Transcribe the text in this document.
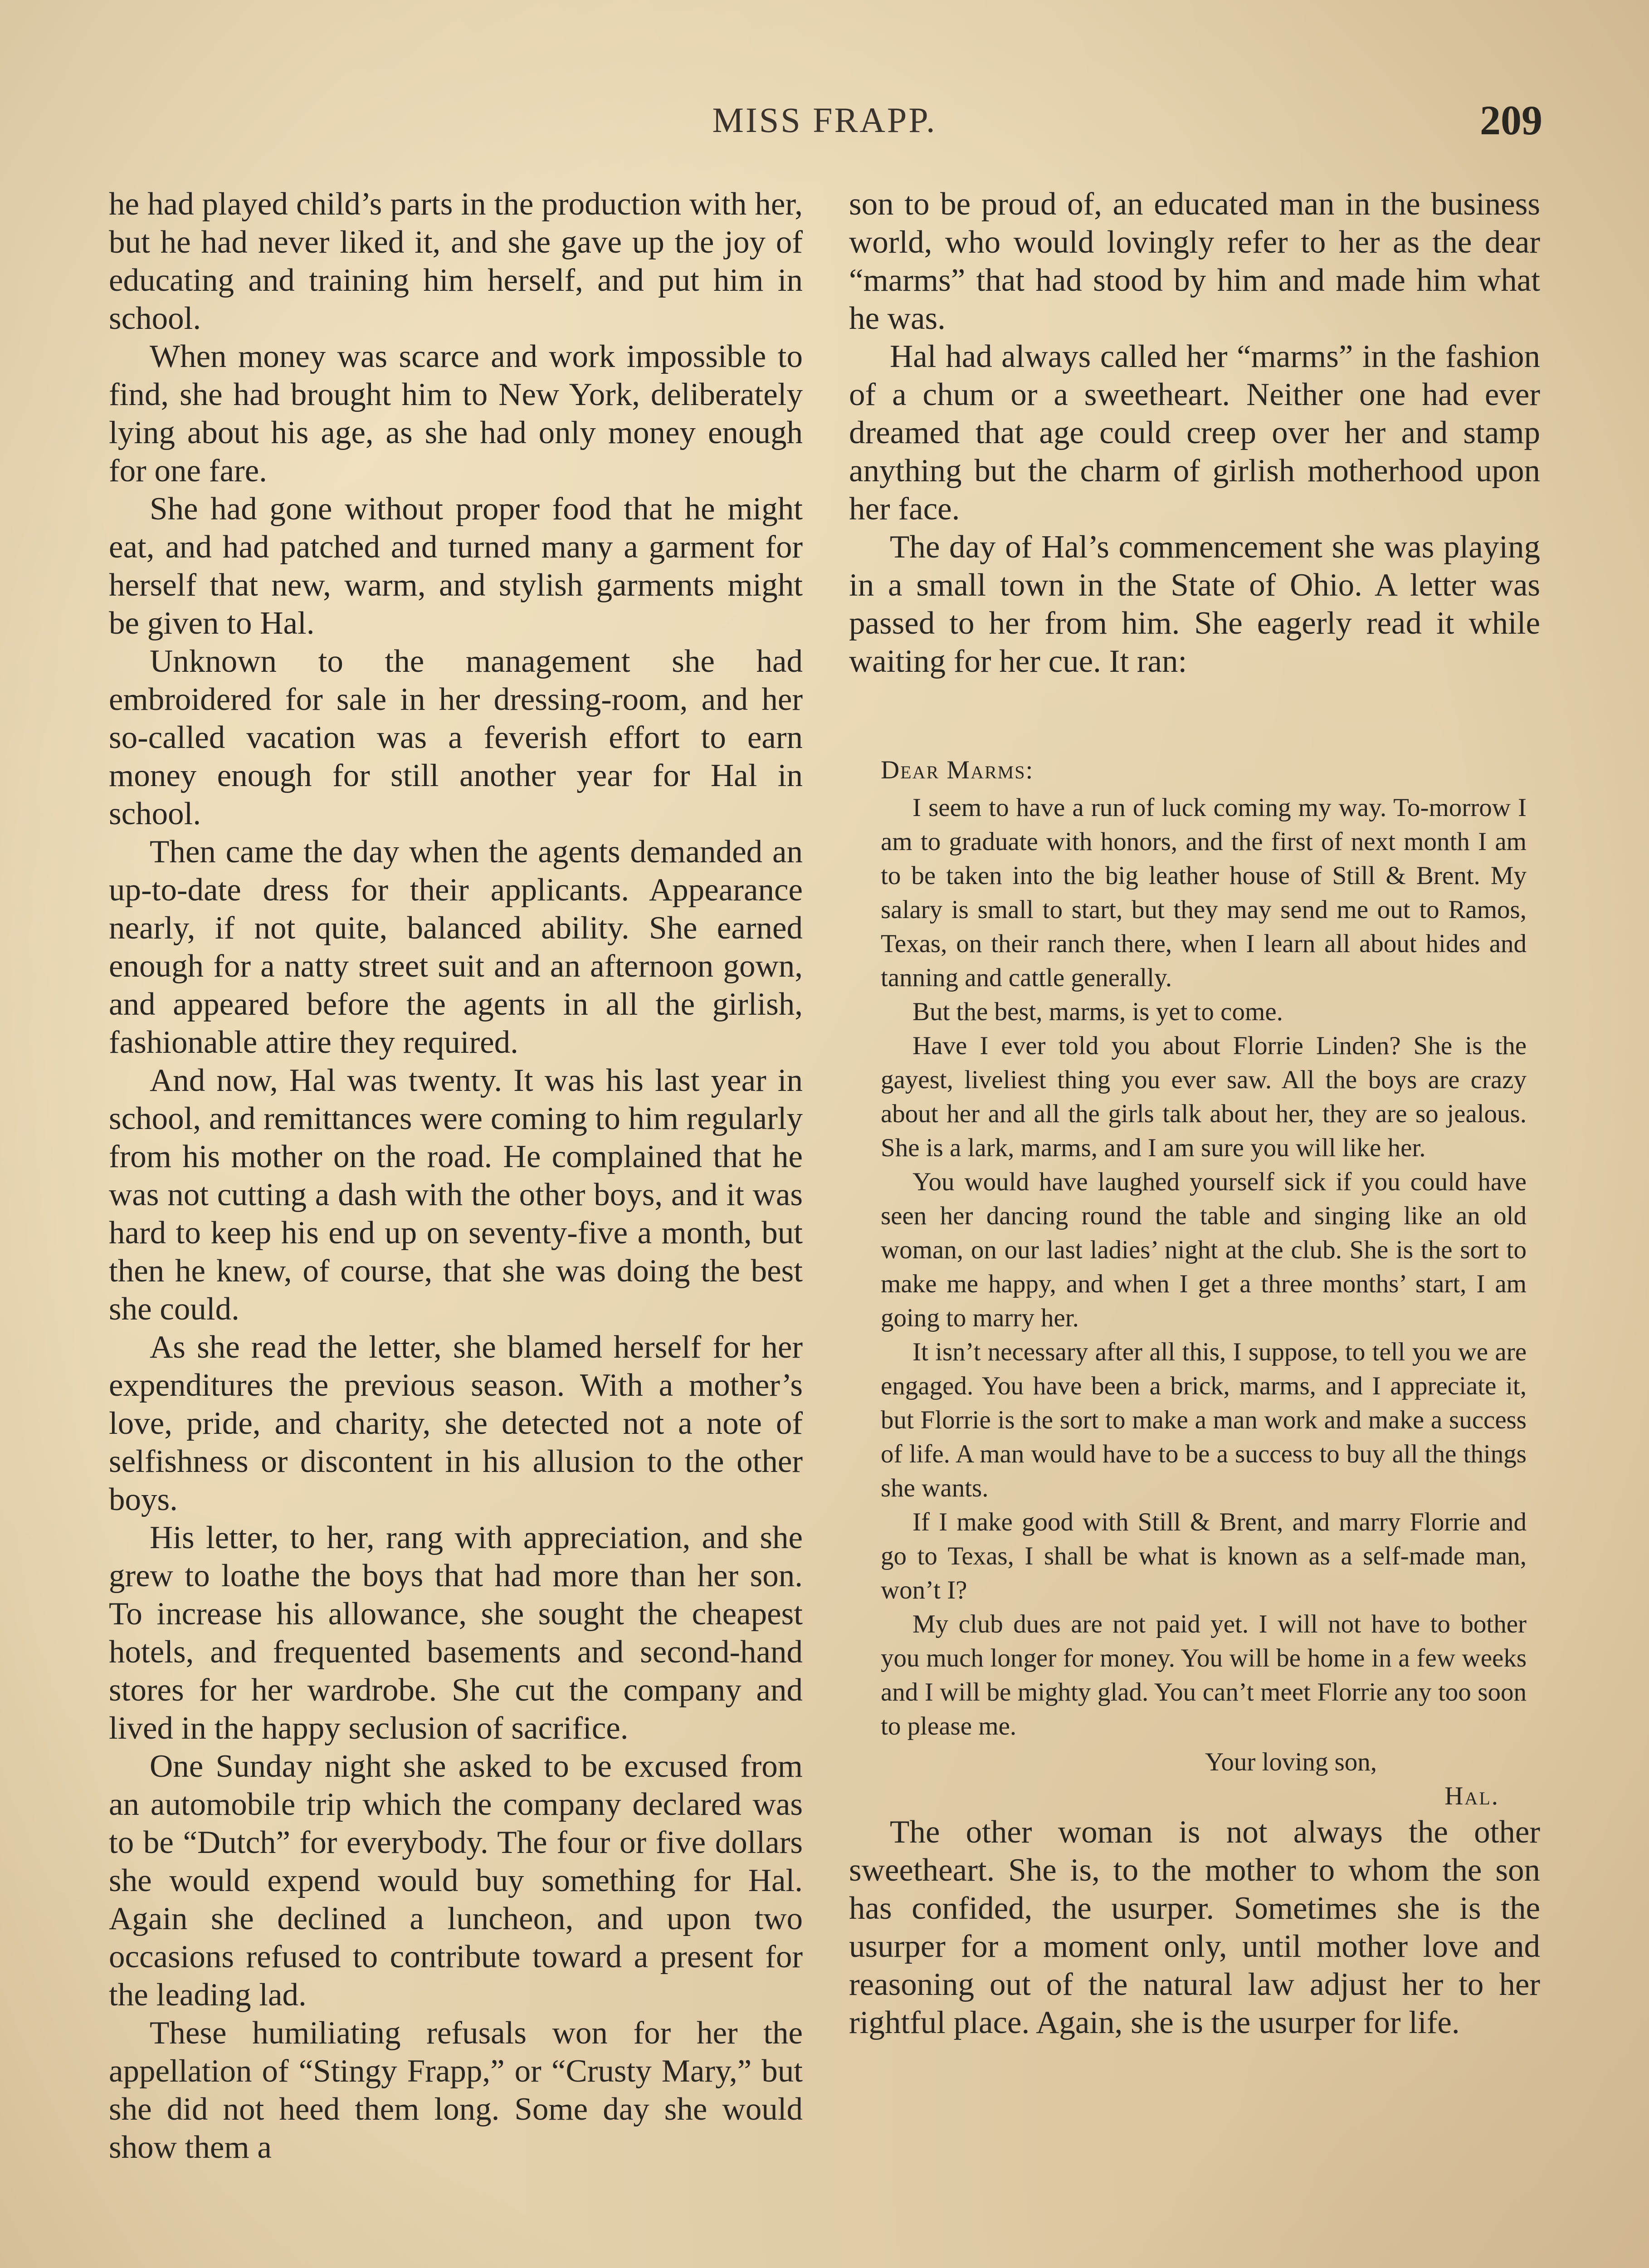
MISS FRAPP.	209

he had played child’s parts in the production with her, but he had never liked it, and she gave up the joy of educating and training him herself, and put him in school.

When money was scarce and work impossible to find, she had brought him to New York, deliberately lying about his age, as she had only money enough for one fare.

She had gone without proper food that he might eat, and had patched and turned many a garment for herself that new, warm, and stylish garments might be given to Hal.

Unknown to the management she had embroidered for sale in her dressing-room, and her so-called vacation was a feverish effort to earn money enough for still another year for Hal in school.

Then came the day when the agents demanded an up-to-date dress for their applicants. Appearance nearly, if not quite, balanced ability. She earned enough for a natty street suit and an afternoon gown, and appeared before the agents in all the girlish, fashionable attire they required.

And now, Hal was twenty. It was his last year in school, and remittances were coming to him regularly from his mother on the road. He complained that he was not cutting a dash with the other boys, and it was hard to keep his end up on seventy-five a month, but then he knew, of course, that she was doing the best she could.

As she read the letter, she blamed herself for her expenditures the previous season. With a mother’s love, pride, and charity, she detected not a note of selfishness or discontent in his allusion to the other boys.

His letter, to her, rang with appreciation, and she grew to loathe the boys that had more than her son. To increase his allowance, she sought the cheapest hotels, and frequented basements and second-hand stores for her wardrobe. She cut the company and lived in the happy seclusion of sacrifice.

One Sunday night she asked to be excused from an automobile trip which the company declared was to be “Dutch” for everybody. The four or five dollars she would expend would buy something for Hal. Again she declined a luncheon, and upon two occasions refused to contribute toward a present for the leading lad.

These humiliating refusals won for her the appellation of “Stingy Frapp,” or “Crusty Mary,” but she did not heed them long. Some day she would show them a

son to be proud of, an educated man in the business world, who would lovingly refer to her as the dear “marms” that had stood by him and made him what he was.

Hal had always called her “marms” in the fashion of a chum or a sweetheart. Neither one had ever dreamed that age could creep over her and stamp anything but the charm of girlish motherhood upon her face.

The day of Hal’s commencement she was playing in a small town in the State of Ohio. A letter was passed to her from him. She eagerly read it while waiting for her cue. It ran:

Dear Marms:

I seem to have a run of luck coming my way. To-morrow I am to graduate with honors, and the first of next month I am to be taken into the big leather house of Still & Brent. My salary is small to start, but they may send me out to Ramos, Texas, on their ranch there, when I learn all about hides and tanning and cattle generally.

But the best, marms, is yet to come.

Have I ever told you about Florrie Linden? She is the gayest, liveliest thing you ever saw. All the boys are crazy about her and all the girls talk about her, they are so jealous. She is a lark, marms, and I am sure you will like her.

You would have laughed yourself sick if you could have seen her dancing round the table and singing like an old woman, on our last ladies’ night at the club. She is the sort to make me happy, and when I get a three months’ start, I am going to marry her.

It isn’t necessary after all this, I suppose, to tell you we are engaged. You have been a brick, marms, and I appreciate it, but Florrie is the sort to make a man work and make a success of life. A man would have to be a success to buy all the things she wants.

If I make good with Still & Brent, and marry Florrie and go to Texas, I shall be what is known as a self-made man, won’t I?

My club dues are not paid yet. I will not have to bother you much longer for money. You will be home in a few weeks and I will be mighty glad. You can’t meet Florrie any too soon to please me.

Your loving son,

Hal.

The other woman is not always the other sweetheart. She is, to the mother to whom the son has confided, the usurper. Sometimes she is the usurper for a moment only, until mother love and reasoning out of the natural law adjust her to her rightful place. Again, she is the usurper for life.
